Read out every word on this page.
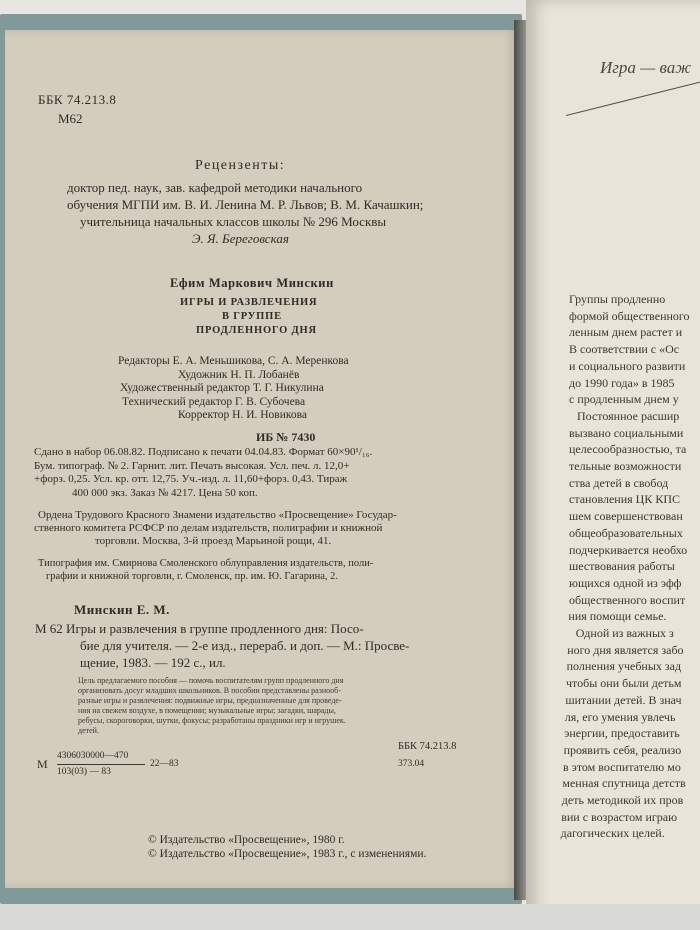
ББК 74.213.8
М62
Рецензенты:
доктор пед. наук, зав. кафедрой методики начального
обучения МГПИ им. В. И. Ленина М. Р. Львов; В. М. Качашкин;
учительница начальных классов школы № 296 Москвы
Э. Я. Береговская
Ефим Маркович Минскин
ИГРЫ И РАЗВЛЕЧЕНИЯ
В ГРУППЕ
ПРОДЛЕННОГО ДНЯ
Редакторы Е. А. Меньшикова, С. А. Меренкова
Художник Н. П. Лобанёв
Художественный редактор Т. Г. Никулина
Технический редактор Г. В. Субочева
Корректор Н. И. Новикова
ИБ № 7430
Сдано в набор 06.08.82. Подписано к печати 04.04.83. Формат 60×90¹/₁₆.
Бум. типограф. № 2. Гарнит. лит. Печать высокая. Усл. печ. л. 12,0+
+форз. 0,25. Усл. кр. отт. 12,75. Уч.-изд. л. 11,60+форз. 0,43. Тираж
400 000 экз. Заказ № 4217. Цена 50 коп.
Ордена Трудового Красного Знамени издательство «Просвещение» Государ-
ственного комитета РСФСР по делам издательств, полиграфии и книжной
торговли. Москва, 3-й проезд Марьиной рощи, 41.
Типография им. Смирнова Смоленского облуправления издательств, поли-
графии и книжной торговли, г. Смоленск, пр. им. Ю. Гагарина, 2.
Минскин Е. М.
М 62 Игры и развлечения в группе продленного дня: Посо-
бие для учителя. — 2-е изд., перераб. и доп. — М.: Просве-
щение, 1983. — 192 с., ил.
Цель предлагаемого пособия — помочь воспитателям групп продленного дня
организовать досуг младших школьников. В пособии представлены разнооб-
разные игры и развлечения: подвижные игры, предназначенные для проведе-
ния на свежем воздухе, в помещении; музыкальные игры; загадки, шарады,
ребусы, скороговорки, шутки, фокусы; разработаны праздники игр и игрушек.
детей.
ББК 74.213.8
М
4306030000—470
103(03) — 83
22—83	373.04
© Издательство «Просвещение», 1980 г.
© Издательство «Просвещение», 1983 г., с изменениями.
Игра — важ
Группы продленно
формой общественного
ленным днем растет и
В соответствии с «Ос
и социального развити
до 1990 года» в 1985
с продленным днем у
Постоянное расшир
вызвано социальными
целесообразностью, та
тельные возможности
ства детей в свобод
становления ЦК КПС
шем совершенствован
общеобразовательных
подчеркивается необхо
шествования работы
ющихся одной из эфф
общественного воспит
ния помощи семье.
Одной из важных з
ного дня является забо
полнения учебных зад
чтобы они были детьм
шитании детей. В знач
ля, его умения увлечь
энергии, предоставить
проявить себя, реализо
в этом воспитателю мо
менная спутница детств
деть методикой их пров
вии с возрастом играю
дагогических целей.
